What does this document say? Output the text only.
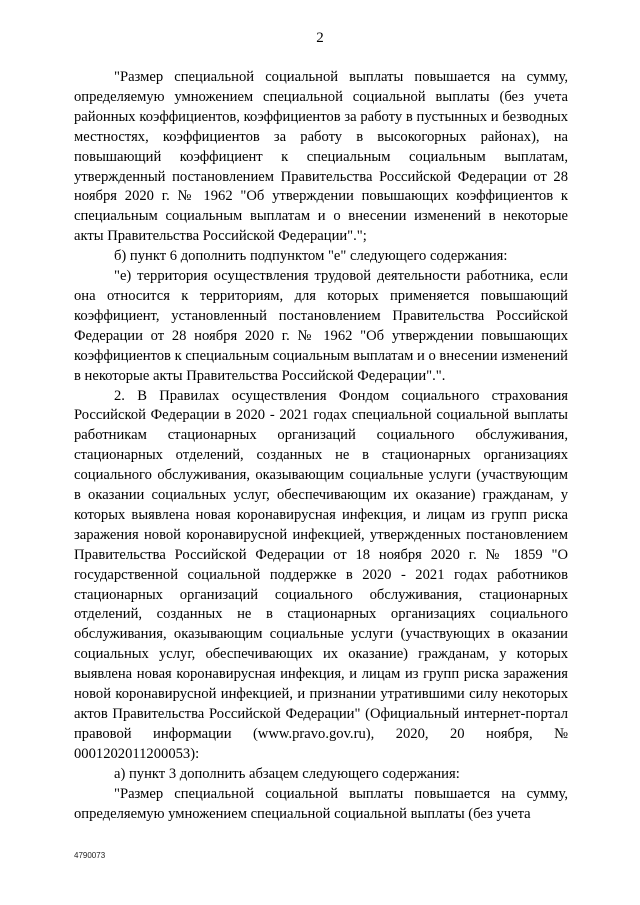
2

"Размер специальной социальной выплаты повышается на сумму, определяемую умножением специальной социальной выплаты (без учета районных коэффициентов, коэффициентов за работу в пустынных и безводных местностях, коэффициентов за работу в высокогорных районах), на повышающий коэффициент к специальным социальным выплатам, утвержденный постановлением Правительства Российской Федерации от 28 ноября 2020 г. № 1962 "Об утверждении повышающих коэффициентов к специальным социальным выплатам и о внесении изменений в некоторые акты Правительства Российской Федерации".";

б) пункт 6 дополнить подпунктом "е" следующего содержания:

"е) территория осуществления трудовой деятельности работника, если она относится к территориям, для которых применяется повышающий коэффициент, установленный постановлением Правительства Российской Федерации от 28 ноября 2020 г. № 1962 "Об утверждении повышающих коэффициентов к специальным социальным выплатам и о внесении изменений в некоторые акты Правительства Российской Федерации".".

2. В Правилах осуществления Фондом социального страхования Российской Федерации в 2020 - 2021 годах специальной социальной выплаты работникам стационарных организаций социального обслуживания, стационарных отделений, созданных не в стационарных организациях социального обслуживания, оказывающим социальные услуги (участвующим в оказании социальных услуг, обеспечивающим их оказание) гражданам, у которых выявлена новая коронавирусная инфекция, и лицам из групп риска заражения новой коронавирусной инфекцией, утвержденных постановлением Правительства Российской Федерации от 18 ноября 2020 г. № 1859 "О государственной социальной поддержке в 2020 - 2021 годах работников стационарных организаций социального обслуживания, стационарных отделений, созданных не в стационарных организациях социального обслуживания, оказывающим социальные услуги (участвующих в оказании социальных услуг, обеспечивающих их оказание) гражданам, у которых выявлена новая коронавирусная инфекция, и лицам из групп риска заражения новой коронавирусной инфекцией, и признании утратившими силу некоторых актов Правительства Российской Федерации" (Официальный интернет-портал правовой информации (www.pravo.gov.ru), 2020, 20 ноября, № 0001202011200053):

а) пункт 3 дополнить абзацем следующего содержания:

"Размер специальной социальной выплаты повышается на сумму, определяемую умножением специальной социальной выплаты (без учета

4790073
